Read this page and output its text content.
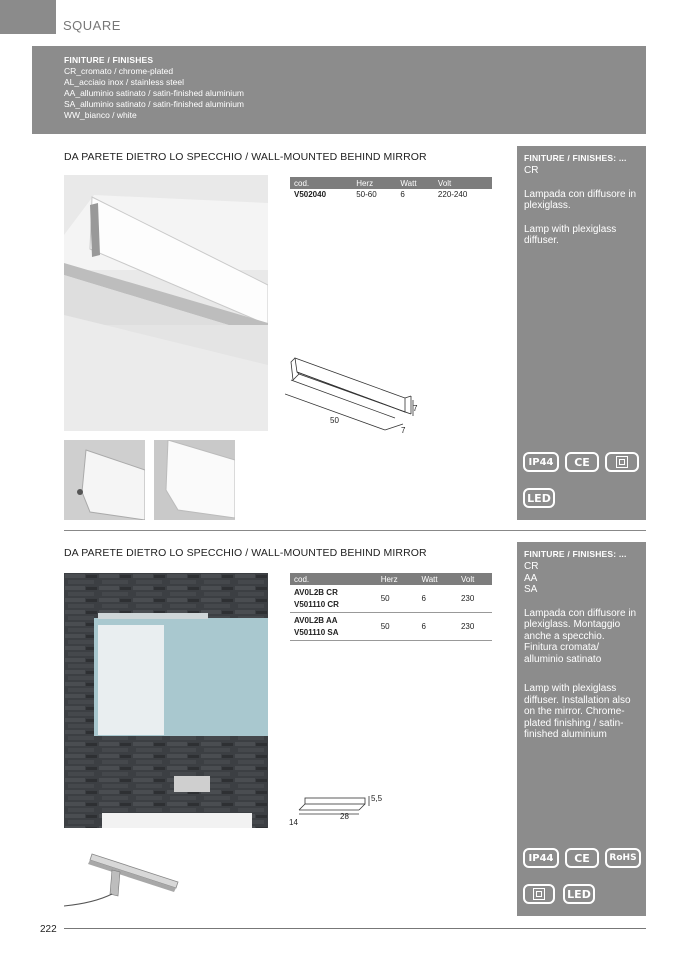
SQUARE
FINITURE / FINISHES
CR_cromato / chrome-plated
AL_acciaio inox / stainless steel
AA_alluminio satinato / satin-finished aluminium
SA_alluminio satinato / satin-finished aluminium
WW_bianco / white
DA PARETE DIETRO LO SPECCHIO / WALL-MOUNTED BEHIND MIRROR
cod.	Herz	Watt	Volt
V502040	50-60	6	220-240
50
7
7
FINITURE / FINISHES: ...
CR
Lampada con diffusore in plexiglass.
Lamp with plexiglass diffuser.
IP44	CE
LED
DA PARETE DIETRO LO SPECCHIO / WALL-MOUNTED BEHIND MIRROR
cod.	Herz	Watt	Volt

AV0L2B CR
V501110 CR	50	6	230

AV0L2B AA
V501110 SA	50	6	230

5,5
28
14
FINITURE / FINISHES: ...
CR
AA
SA
Lampada con diffusore in plexiglass. Montaggio anche a specchio. Finitura cromata/ alluminio satinato
Lamp with plexiglass diffuser. Installation also on the mirror. Chrome-plated finishing / satin-finished aluminium
IP44	CE	RoHS
LED
222
